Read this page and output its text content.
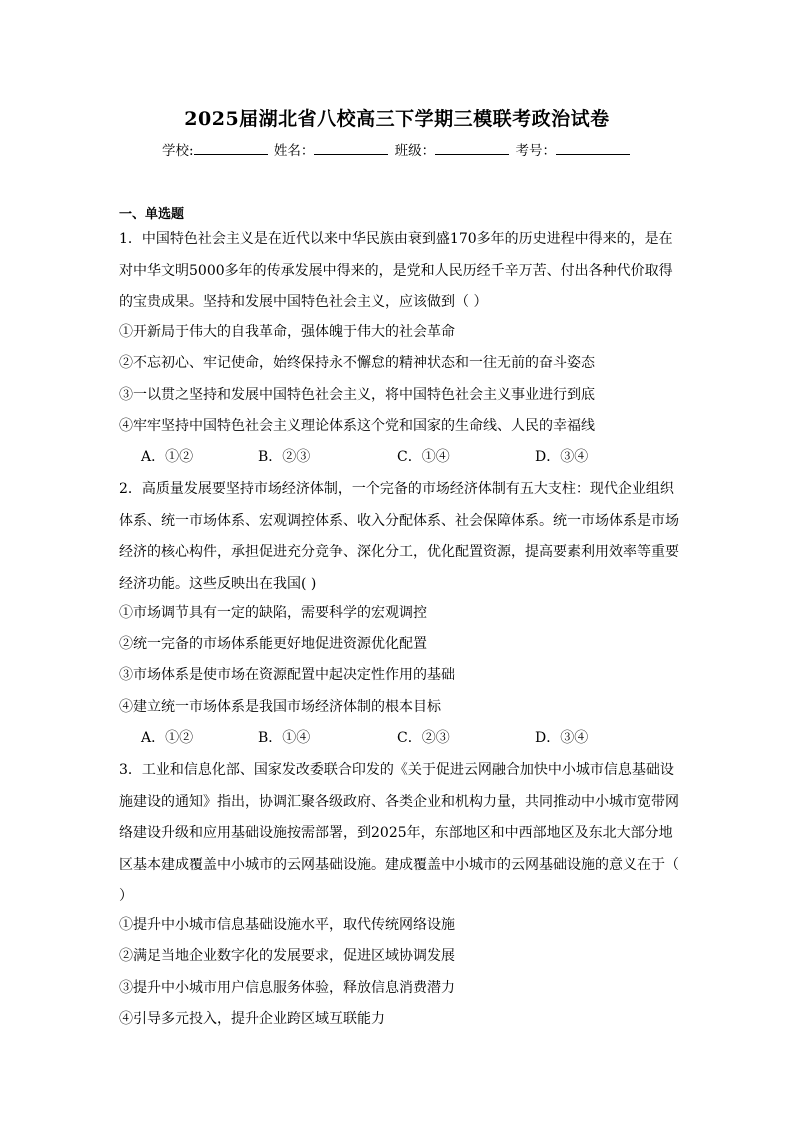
2025届湖北省八校高三下学期三模联考政治试卷
学校:	姓名：	班级：	考号：
一、单选题
1．中国特色社会主义是在近代以来中华民族由衰到盛170多年的历史进程中得来的，是在对中华文明5000多年的传承发展中得来的，是党和人民历经千辛万苦、付出各种代价取得的宝贵成果。坚持和发展中国特色社会主义，应该做到（ ）
①开新局于伟大的自我革命，强体魄于伟大的社会革命
②不忘初心、牢记使命，始终保持永不懈怠的精神状态和一往无前的奋斗姿态
③一以贯之坚持和发展中国特色社会主义，将中国特色社会主义事业进行到底
④牢牢坚持中国特色社会主义理论体系这个党和国家的生命线、人民的幸福线
A．①②	B．②③	C．①④	D．③④
2．高质量发展要坚持市场经济体制，一个完备的市场经济体制有五大支柱：现代企业组织体系、统一市场体系、宏观调控体系、收入分配体系、社会保障体系。统一市场体系是市场经济的核心构件，承担促进充分竞争、深化分工，优化配置资源，提高要素利用效率等重要经济功能。这些反映出在我国( )
①市场调节具有一定的缺陷，需要科学的宏观调控
②统一完备的市场体系能更好地促进资源优化配置
③市场体系是使市场在资源配置中起决定性作用的基础
④建立统一市场体系是我国市场经济体制的根本目标
A．①②	B．①④	C．②③	D．③④
3．工业和信息化部、国家发改委联合印发的《关于促进云网融合加快中小城市信息基础设施建设的通知》指出，协调汇聚各级政府、各类企业和机构力量，共同推动中小城市宽带网络建设升级和应用基础设施按需部署，到2025年，东部地区和中西部地区及东北大部分地区基本建成覆盖中小城市的云网基础设施。建成覆盖中小城市的云网基础设施的意义在于（ ）
①提升中小城市信息基础设施水平，取代传统网络设施
②满足当地企业数字化的发展要求，促进区域协调发展
③提升中小城市用户信息服务体验，释放信息消费潜力
④引导多元投入，提升企业跨区域互联能力
